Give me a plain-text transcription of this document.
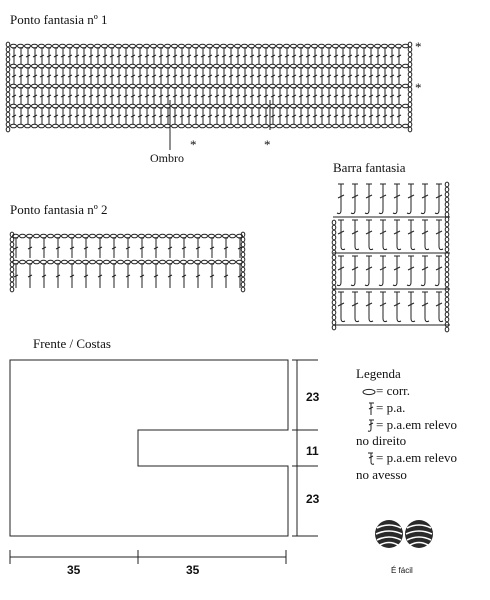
Ponto fantasia nº 1
*
*
*	*
Ombro
Barra fantasia
Ponto fantasia nº 2
Frente / Costas
23
11
23
35	35
Legenda
= corr.
= p.a.
= p.a.em relevo
no direito
= p.a.em relevo
no avesso
É fácil
